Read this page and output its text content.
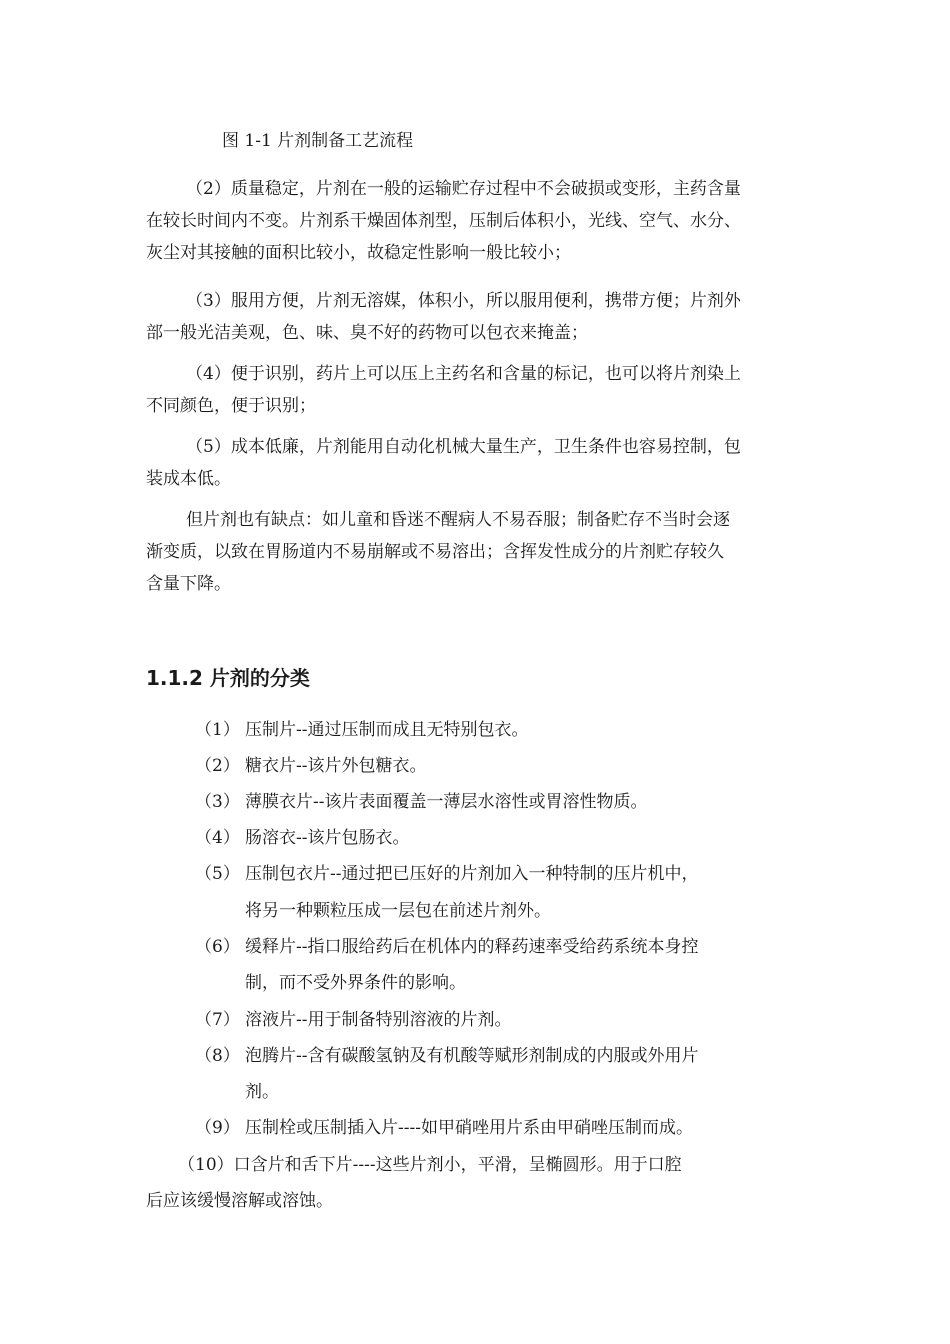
图 1-1 片剂制备工艺流程

（2）质量稳定，片剂在一般的运输贮存过程中不会破损或变形，主药含量
在较长时间内不变。片剂系干燥固体剂型，压制后体积小，光线、空气、水分、
灰尘对其接触的面积比较小，故稳定性影响一般比较小；

（3）服用方便，片剂无溶媒，体积小，所以服用便利，携带方便；片剂外
部一般光洁美观，色、味、臭不好的药物可以包衣来掩盖；

（4）便于识别，药片上可以压上主药名和含量的标记，也可以将片剂染上
不同颜色，便于识别；

（5）成本低廉，片剂能用自动化机械大量生产，卫生条件也容易控制，包
装成本低。

但片剂也有缺点：如儿童和昏迷不醒病人不易吞服；制备贮存不当时会逐
渐变质，以致在胃肠道内不易崩解或不易溶出；含挥发性成分的片剂贮存较久
含量下降。

1.1.2 片剂的分类
（1） 压制片--通过压制而成且无特别包衣。
（2） 糖衣片--该片外包糖衣。
（3） 薄膜衣片--该片表面覆盖一薄层水溶性或胃溶性物质。
（4） 肠溶衣--该片包肠衣。
（5） 压制包衣片--通过把已压好的片剂加入一种特制的压片机中，
将另一种颗粒压成一层包在前述片剂外。
（6） 缓释片--指口服给药后在机体内的释药速率受给药系统本身控
制，而不受外界条件的影响。
（7） 溶液片--用于制备特别溶液的片剂。
（8） 泡腾片--含有碳酸氢钠及有机酸等赋形剂制成的内服或外用片
剂。
（9） 压制栓或压制插入片----如甲硝唑用片系由甲硝唑压制而成。
（10）口含片和舌下片----这些片剂小，平滑，呈椭圆形。用于口腔
后应该缓慢溶解或溶蚀。
